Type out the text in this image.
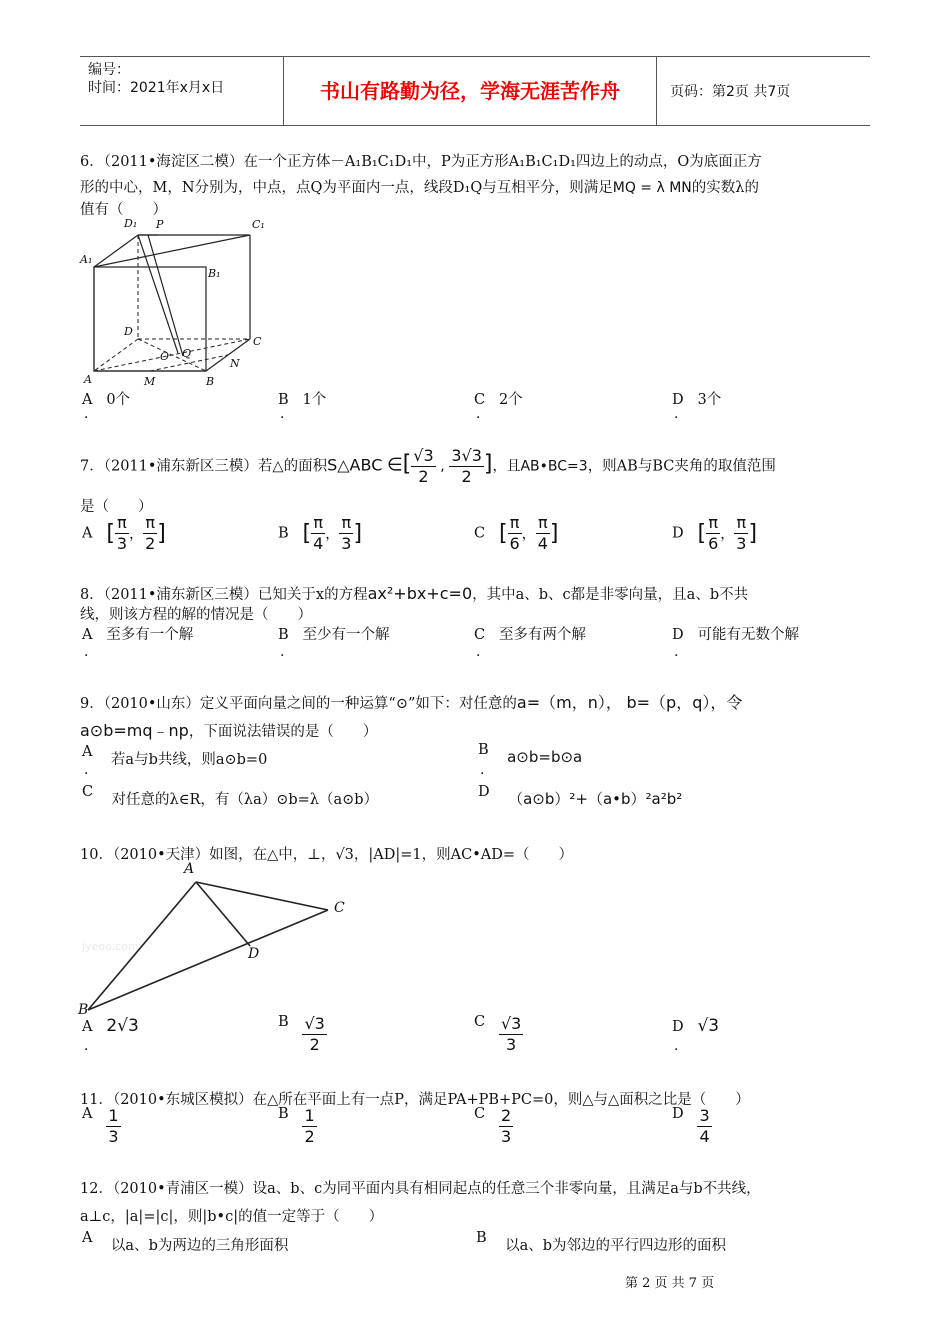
编号：
时间：2021年x月x日	书山有路勤为径，学海无涯苦作舟	页码：第2页 共7页
6．（2011•海淀区二模）在一个正方体－A₁B₁C₁D₁中，P为正方形A₁B₁C₁D₁四边上的动点，O为底面正方
形的中心，M，N分别为，中点，点Q为平面内一点，线段D₁Q与互相平分，则满足MQ = λ MN的实数λ的
值有（　　）
D₁ P	C₁
A₁
B₁
D
C
O Q
A	M	B
N
A 0个	B 1个	C 2个	D 3个
7．（2011•浦东新区三模）若△的面积S△ABC ∈[ $\frac{√3}{2}$ , $\frac{3√3}{2}$ ]，且AB•BC=3，则AB与BC夹角的取值范围
是（　　）
A [ $\frac{\pi}{3}$ ， $\frac{\pi}{2}$ ]	B [ $\frac{\pi}{4}$ ， $\frac{\pi}{3}$ ]	C [ $\frac{\pi}{6}$ ， $\frac{\pi}{4}$ ]	D [ $\frac{\pi}{6}$ ， $\frac{\pi}{3}$ ]
8．（2011•浦东新区三模）已知关于x的方程ax²+bx+c=0，其中a、b、c都是非零向量，且a、b不共
线，则该方程的解的情况是（　　）
A 至多有一个解	B 至少有一个解	C 至多有两个解	D 可能有无数个解
9．（2010•山东）定义平面向量之间的一种运算“⊙”如下：对任意的a=（m，n）， b=（p，q），令
a⊙b=mq﹣np，下面说法错误的是（　　）
A 若a与b共线，则a⊙b=0
B a⊙b=b⊙a
C 对任意的λ∈R，有（λa）⊙b=λ（a⊙b）	D （a⊙b）²+（a•b）²a²b²
.	.
10．（2010•天津）如图，在△中，⊥，√3，|AD|=1，则AC•AD=（　　）
A
B
C
D
jyeoo.com
A 2√3	B $\frac{√3}{2}$	C $\frac{√3}{3}$	D √3
.	.
11．（2010•东城区模拟）在△所在平面上有一点P，满足PA+PB+PC=0，则△与△面积之比是（　　）
A $\frac{1}{3}$	B $\frac{1}{2}$	C $\frac{2}{3}$	D $\frac{3}{4}$
12．（2010•青浦区一模）设a、b、c为同平面内具有相同起点的任意三个非零向量，且满足a与b不共线，
a⊥c，|a|=|c|，则|b•c|的值一定等于（　　）
A 以a、b为两边的三角形面积	B 以a、b为邻边的平行四边形的面积
.	.	.	.
.	.	.	.
第 2 页 共 7 页
